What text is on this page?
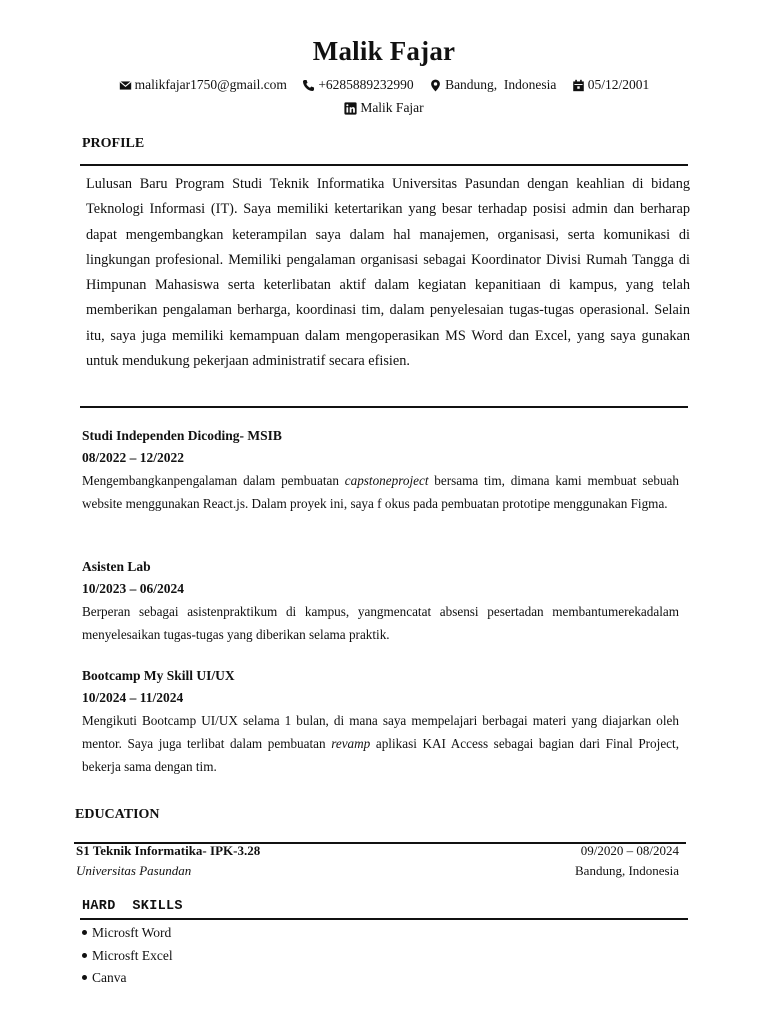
Malik Fajar
malikfajar1750@gmail.com
+6285889232990
Bandung,  Indonesia
05/12/2001
Malik Fajar
PROFILE
Lulusan Baru Program Studi Teknik Informatika Universitas Pasundan dengan keahlian di bidang Teknologi Informasi (IT). Saya memiliki ketertarikan yang besar terhadap posisi admin dan berharap dapat mengembangkan keterampilan saya dalam hal manajemen, organisasi, serta komunikasi di lingkungan profesional. Memiliki pengalaman organisasi sebagai Koordinator Divisi Rumah Tangga di Himpunan Mahasiswa serta keterlibatan aktif dalam kegiatan kepanitiaan di kampus, yang telah memberikan pengalaman berharga, koordinasi tim, dalam penyelesaian tugas-tugas operasional. Selain itu, saya juga memiliki kemampuan dalam mengoperasikan MS Word dan Excel, yang saya gunakan untuk mendukung pekerjaan administratif secara efisien.
Studi Independen Dicoding- MSIB
08/2022 – 12/2022
Mengembangkanpengalaman dalam pembuatan capstoneproject bersama tim, dimana kami membuat sebuah website menggunakan React.js. Dalam proyek ini, saya f okus pada pembuatan prototipe menggunakan Figma.
Asisten Lab
10/2023 – 06/2024
Berperan sebagai asistenpraktikum di kampus, yangmencatat absensi pesertadan membantumerekadalam menyelesaikan tugas-tugas yang diberikan selama praktik.
Bootcamp My Skill UI/UX
10/2024 – 11/2024
Mengikuti Bootcamp UI/UX selama 1 bulan, di mana saya mempelajari berbagai materi yang diajarkan oleh mentor. Saya juga terlibat dalam pembuatan revamp aplikasi KAI Access sebagai bagian dari Final Project, bekerja sama dengan tim.
EDUCATION
S1 Teknik Informatika- IPK-3.28	09/2020 – 08/2024
Universitas Pasundan	Bandung, Indonesia
HARD  SKILLS
Microsft Word
Microsft Excel
Canva
